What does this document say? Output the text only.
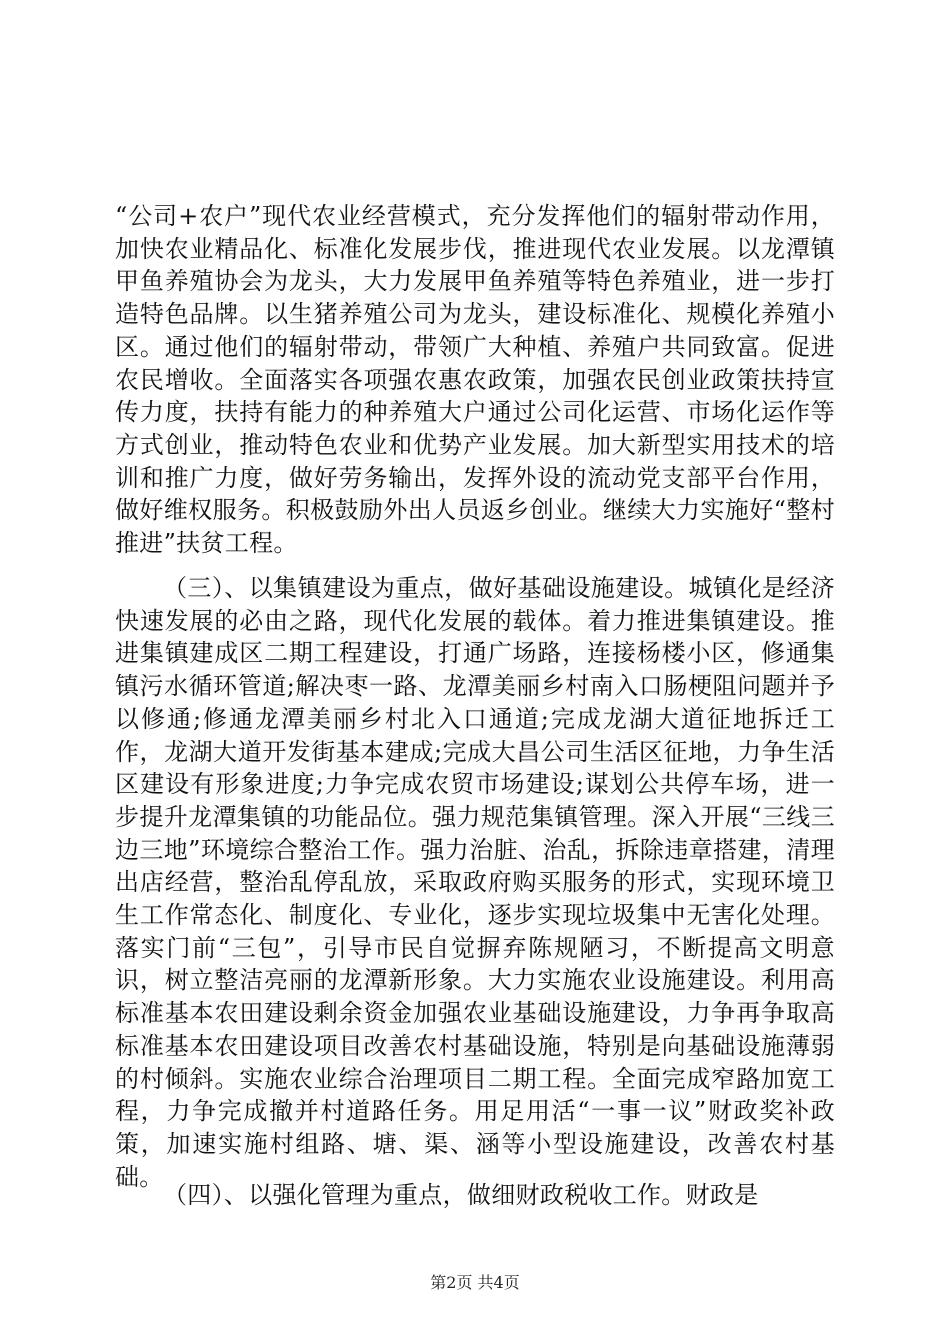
“公司+农户”现代农业经营模式，充分发挥他们的辐射带动作用，加快农业精品化、标准化发展步伐，推进现代农业发展。以龙潭镇甲鱼养殖协会为龙头，大力发展甲鱼养殖等特色养殖业，进一步打造特色品牌。以生猪养殖公司为龙头，建设标准化、规模化养殖小区。通过他们的辐射带动，带领广大种植、养殖户共同致富。促进农民增收。全面落实各项强农惠农政策，加强农民创业政策扶持宣传力度，扶持有能力的种养殖大户通过公司化运营、市场化运作等方式创业，推动特色农业和优势产业发展。加大新型实用技术的培训和推广力度，做好劳务输出，发挥外设的流动党支部平台作用，做好维权服务。积极鼓励外出人员返乡创业。继续大力实施好“整村推进”扶贫工程。

（三）、以集镇建设为重点，做好基础设施建设。城镇化是经济快速发展的必由之路，现代化发展的载体。着力推进集镇建设。推进集镇建成区二期工程建设，打通广场路，连接杨楼小区，修通集镇污水循环管道;解决枣一路、龙潭美丽乡村南入口肠梗阻问题并予以修通;修通龙潭美丽乡村北入口通道;完成龙湖大道征地拆迁工作，龙湖大道开发街基本建成;完成大昌公司生活区征地，力争生活区建设有形象进度;力争完成农贸市场建设;谋划公共停车场，进一步提升龙潭集镇的功能品位。强力规范集镇管理。深入开展“三线三边三地”环境综合整治工作。强力治脏、治乱，拆除违章搭建，清理出店经营，整治乱停乱放，采取政府购买服务的形式，实现环境卫生工作常态化、制度化、专业化，逐步实现垃圾集中无害化处理。落实门前“三包”，引导市民自觉摒弃陈规陋习，不断提高文明意识，树立整洁亮丽的龙潭新形象。大力实施农业设施建设。利用高标准基本农田建设剩余资金加强农业基础设施建设，力争再争取高标准基本农田建设项目改善农村基础设施，特别是向基础设施薄弱的村倾斜。实施农业综合治理项目二期工程。全面完成窄路加宽工程，力争完成撤并村道路任务。用足用活“一事一议”财政奖补政策，加速实施村组路、塘、渠、涵等小型设施建设，改善农村基础。

（四）、以强化管理为重点，做细财政税收工作。财政是

第2页 共4页
